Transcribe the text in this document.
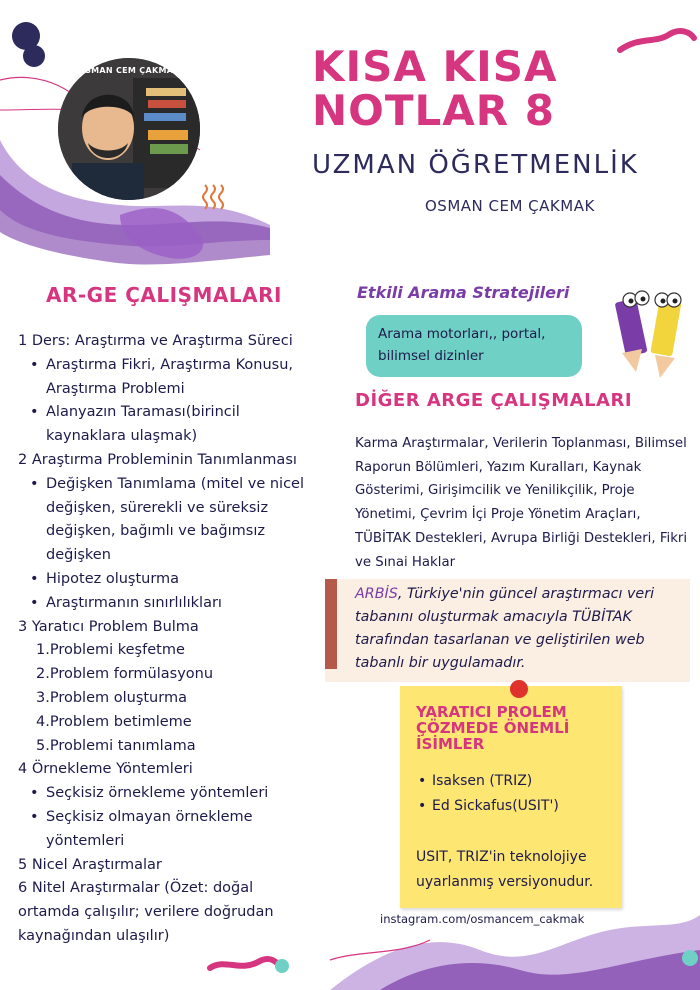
OSMAN CEM ÇAKMAK	KISA KISA
NOTLAR 8
UZMAN ÖĞRETMENLİK
OSMAN CEM ÇAKMAK
AR-GE ÇALIŞMALARI
1 Ders: Araştırma ve Araştırma Süreci
• Araştırma Fikri, Araştırma Konusu, Araştırma Problemi
• Alanyazın Taraması(birincil kaynaklara ulaşmak)
2 Araştırma Probleminin Tanımlanması
• Değişken Tanımlama (mitel ve nicel değişken, sürerekli ve süreksiz değişken, bağımlı ve bağımsız değişken
• Hipotez oluşturma
• Araştırmanın sınırlılıkları
3 Yaratıcı Problem Bulma
1.Problemi keşfetme
2.Problem formülasyonu
3.Problem oluşturma
4.Problem betimleme
5.Problemi tanımlama
4 Örnekleme Yöntemleri
• Seçkisiz örnekleme yöntemleri
• Seçkisiz olmayan örnekleme yöntemleri
5 Nicel Araştırmalar
6 Nitel Araştırmalar (Özet: doğal ortamda çalışılır; verilere doğrudan kaynağından ulaşılır)
Etkili Arama Stratejileri
Arama motorları,, portal, bilimsel dizinler
DİĞER ARGE ÇALIŞMALARI
Karma Araştırmalar, Verilerin Toplanması, Bilimsel Raporun Bölümleri, Yazım Kuralları, Kaynak Gösterimi, Girişimcilik ve Yenilikçilik, Proje Yönetimi, Çevrim İçi Proje Yönetim Araçları, TÜBİTAK Destekleri, Avrupa Birliği Destekleri, Fikri ve Sınai Haklar
ARBİS, Türkiye'nin güncel araştırmacı veri tabanını oluşturmak amacıyla TÜBİTAK tarafından tasarlanan ve geliştirilen web tabanlı bir uygulamadır.
YARATICI PROLEM ÇÖZMEDE ÖNEMLİ İSİMLER
• Isaksen (TRIZ)
• Ed Sickafus(USIT')
USIT, TRIZ'in teknolojiye uyarlanmış versiyonudur.
instagram.com/osmancem_cakmak
